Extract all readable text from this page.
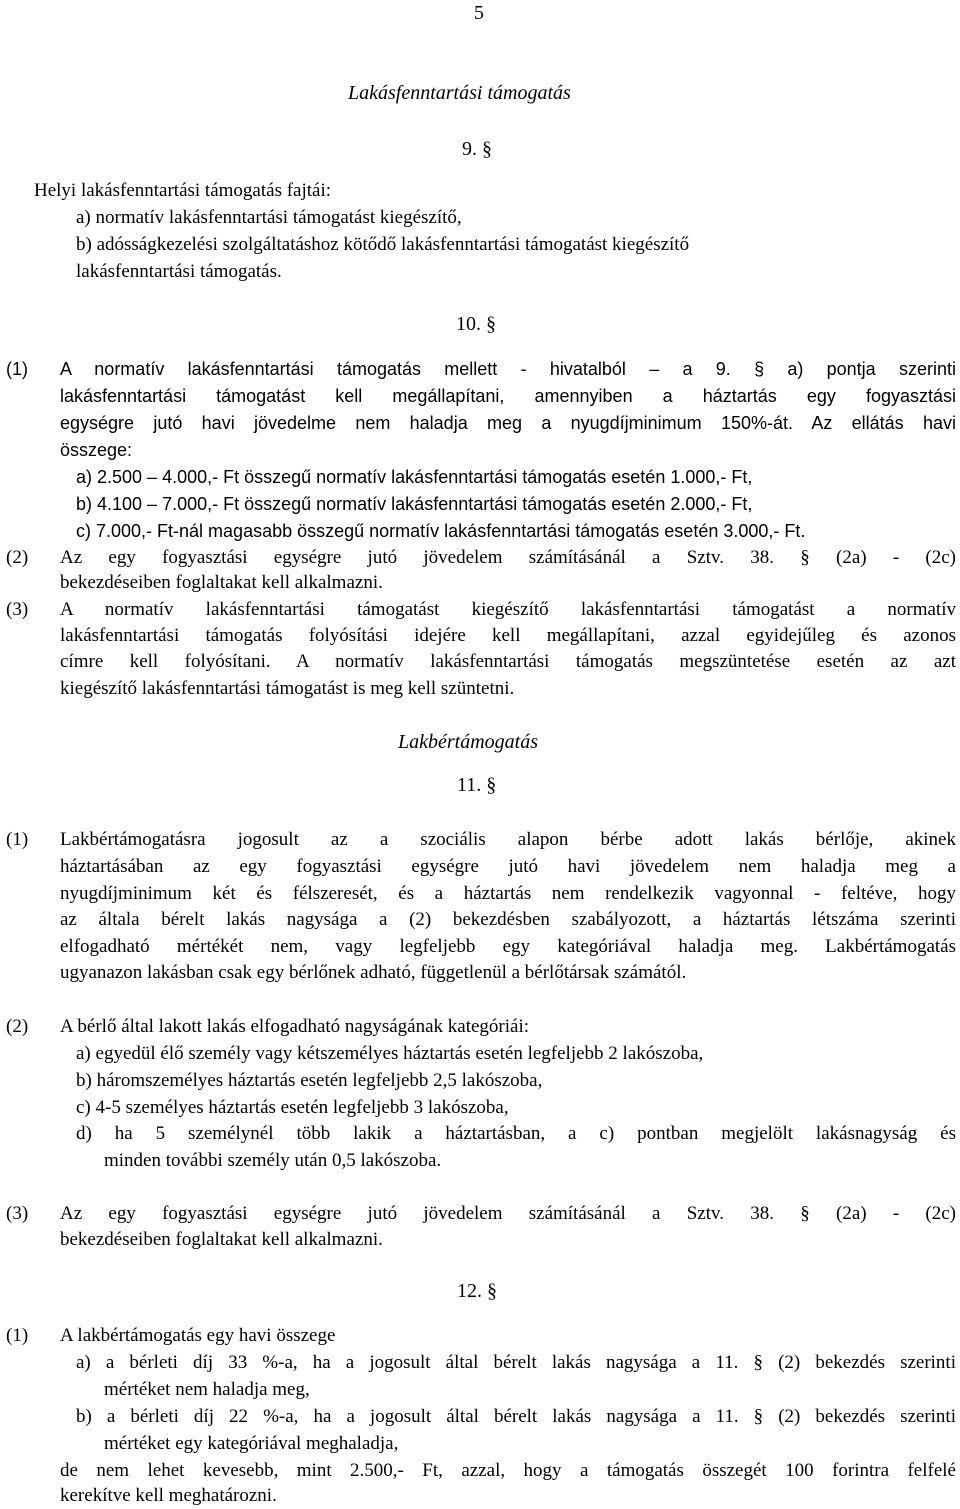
5
Lakásfenntartási támogatás
9. §
Helyi lakásfenntartási támogatás fajtái:
a) normatív lakásfenntartási támogatást kiegészítő,
b) adósságkezelési szolgáltatáshoz kötődő lakásfenntartási támogatást kiegészítő
lakásfenntartási támogatás.
10. §
(1) A normatív lakásfenntartási támogatás mellett - hivatalból – a 9. § a) pontja szerinti
lakásfenntartási támogatást kell megállapítani, amennyiben a háztartás egy fogyasztási
egységre jutó havi jövedelme nem haladja meg a nyugdíjminimum 150%-át. Az ellátás havi
összege:
a) 2.500 – 4.000,- Ft összegű normatív lakásfenntartási támogatás esetén 1.000,- Ft,
b) 4.100 – 7.000,- Ft összegű normatív lakásfenntartási támogatás esetén 2.000,- Ft,
c) 7.000,- Ft-nál magasabb összegű normatív lakásfenntartási támogatás esetén 3.000,- Ft.
(2) Az egy fogyasztási egységre jutó jövedelem számításánál a Sztv. 38. § (2a) - (2c)
bekezdéseiben foglaltakat kell alkalmazni.
(3) A normatív lakásfenntartási támogatást kiegészítő lakásfenntartási támogatást a normatív
lakásfenntartási támogatás folyósítási idejére kell megállapítani, azzal egyidejűleg és azonos
címre kell folyósítani. A normatív lakásfenntartási támogatás megszüntetése esetén az azt
kiegészítő lakásfenntartási támogatást is meg kell szüntetni.
Lakbértámogatás
11. §
(1) Lakbértámogatásra jogosult az a szociális alapon bérbe adott lakás bérlője, akinek
háztartásában az egy fogyasztási egységre jutó havi jövedelem nem haladja meg a
nyugdíjminimum két és félszeresét, és a háztartás nem rendelkezik vagyonnal - feltéve, hogy
az általa bérelt lakás nagysága a (2) bekezdésben szabályozott, a háztartás létszáma szerinti
elfogadható mértékét nem, vagy legfeljebb egy kategóriával haladja meg. Lakbértámogatás
ugyanazon lakásban csak egy bérlőnek adható, függetlenül a bérlőtársak számától.
(2) A bérlő által lakott lakás elfogadható nagyságának kategóriái:
a) egyedül élő személy vagy kétszemélyes háztartás esetén legfeljebb 2 lakószoba,
b) háromszemélyes háztartás esetén legfeljebb 2,5 lakószoba,
c) 4-5 személyes háztartás esetén legfeljebb 3 lakószoba,
d) ha 5 személynél több lakik a háztartásban, a c) pontban megjelölt lakásnagyság és
minden további személy után 0,5 lakószoba.
(3) Az egy fogyasztási egységre jutó jövedelem számításánál a Sztv. 38. § (2a) - (2c)
bekezdéseiben foglaltakat kell alkalmazni.
12. §
(1) A lakbértámogatás egy havi összege
a) a bérleti díj 33 %-a, ha a jogosult által bérelt lakás nagysága a 11. § (2) bekezdés szerinti
mértéket nem haladja meg,
b) a bérleti díj 22 %-a, ha a jogosult által bérelt lakás nagysága a 11. § (2) bekezdés szerinti
mértéket egy kategóriával meghaladja,
de nem lehet kevesebb, mint 2.500,- Ft, azzal, hogy a támogatás összegét 100 forintra felfelé
kerekítve kell meghatározni.
